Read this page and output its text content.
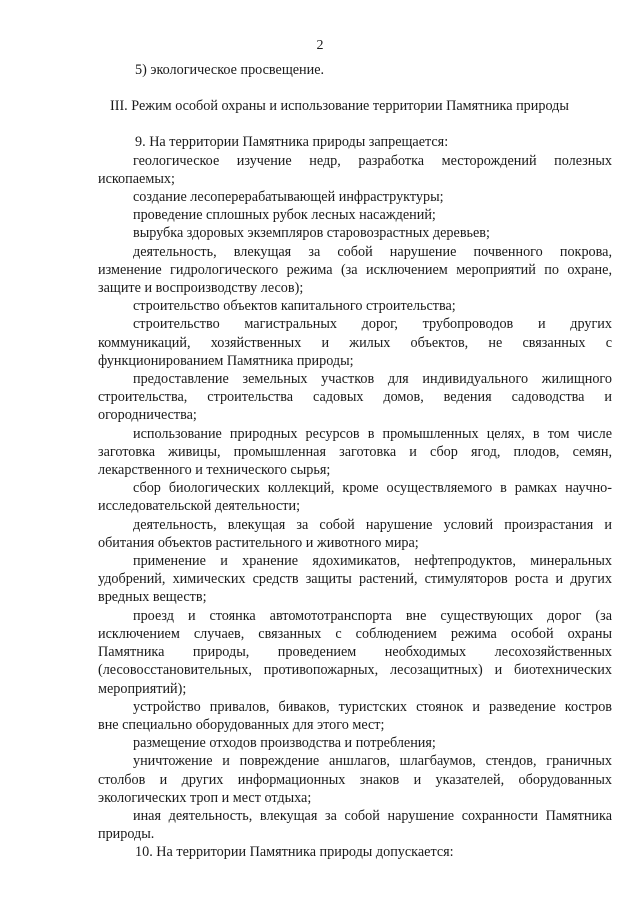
2
5) экологическое просвещение.
III. Режим особой охраны и использование территории Памятника природы
9. На территории Памятника природы запрещается:
геологическое изучение недр, разработка месторождений полезных
ископаемых;
создание лесоперерабатывающей инфраструктуры;
проведение сплошных рубок лесных насаждений;
вырубка здоровых экземпляров старовозрастных деревьев;
деятельность, влекущая за собой нарушение почвенного покрова,
изменение гидрологического режима (за исключением мероприятий по охране,
защите и воспроизводству лесов);
строительство объектов капитального строительства;
строительство магистральных дорог, трубопроводов и других
коммуникаций, хозяйственных и жилых объектов, не связанных с
функционированием Памятника природы;
предоставление земельных участков для индивидуального жилищного
строительства, строительства садовых домов, ведения садоводства и
огородничества;
использование природных ресурсов в промышленных целях, в том числе
заготовка живицы, промышленная заготовка и сбор ягод, плодов, семян,
лекарственного и технического сырья;
сбор биологических коллекций, кроме осуществляемого в рамках научно-
исследовательской деятельности;
деятельность, влекущая за собой нарушение условий произрастания и
обитания объектов растительного и животного мира;
применение и хранение ядохимикатов, нефтепродуктов, минеральных
удобрений, химических средств защиты растений, стимуляторов роста и других
вредных веществ;
проезд и стоянка автомототранспорта вне существующих дорог (за
исключением случаев, связанных с соблюдением режима особой охраны
Памятника природы, проведением необходимых лесохозяйственных
(лесовосстановительных, противопожарных, лесозащитных) и биотехнических
мероприятий);
устройство привалов, биваков, туристских стоянок и разведение костров
вне специально оборудованных для этого мест;
размещение отходов производства и потребления;
уничтожение и повреждение аншлагов, шлагбаумов, стендов, граничных
столбов и других информационных знаков и указателей, оборудованных
экологических троп и мест отдыха;
иная деятельность, влекущая за собой нарушение сохранности Памятника
природы.
10. На территории Памятника природы допускается:
